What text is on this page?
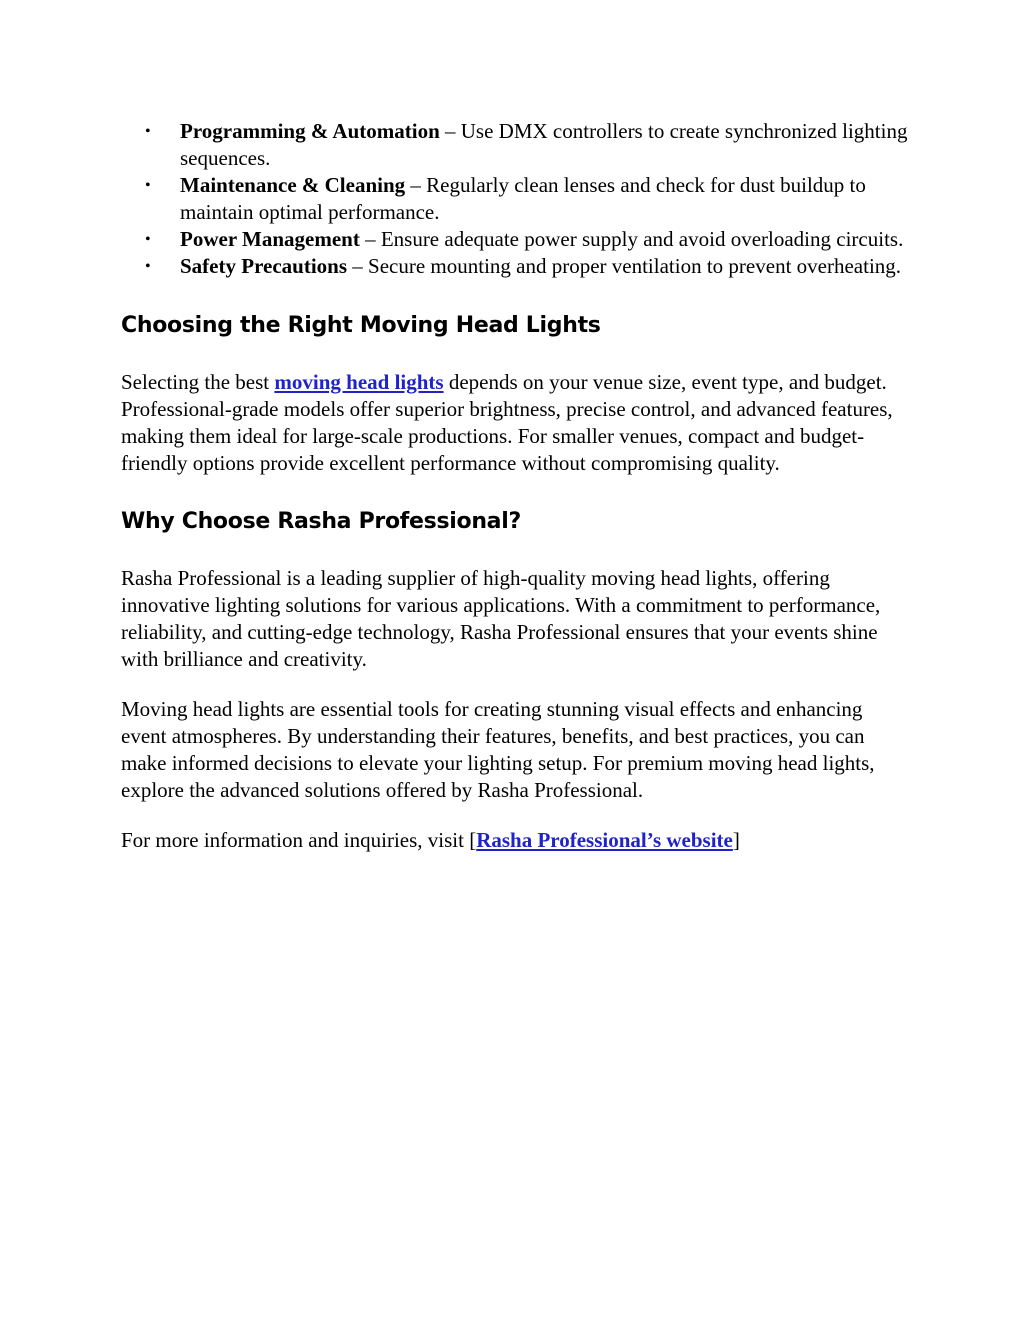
• Programming & Automation – Use DMX controllers to create synchronized lighting sequences.
• Maintenance & Cleaning – Regularly clean lenses and check for dust buildup to maintain optimal performance.
• Power Management – Ensure adequate power supply and avoid overloading circuits.
• Safety Precautions – Secure mounting and proper ventilation to prevent overheating.
Choosing the Right Moving Head Lights

Selecting the best moving head lights depends on your venue size, event type, and budget. Professional-grade models offer superior brightness, precise control, and advanced features, making them ideal for large-scale productions. For smaller venues, compact and budget-friendly options provide excellent performance without compromising quality.

Why Choose Rasha Professional?

Rasha Professional is a leading supplier of high-quality moving head lights, offering innovative lighting solutions for various applications. With a commitment to performance, reliability, and cutting-edge technology, Rasha Professional ensures that your events shine with brilliance and creativity.

Moving head lights are essential tools for creating stunning visual effects and enhancing event atmospheres. By understanding their features, benefits, and best practices, you can make informed decisions to elevate your lighting setup. For premium moving head lights, explore the advanced solutions offered by Rasha Professional.

For more information and inquiries, visit [Rasha Professional’s website]
